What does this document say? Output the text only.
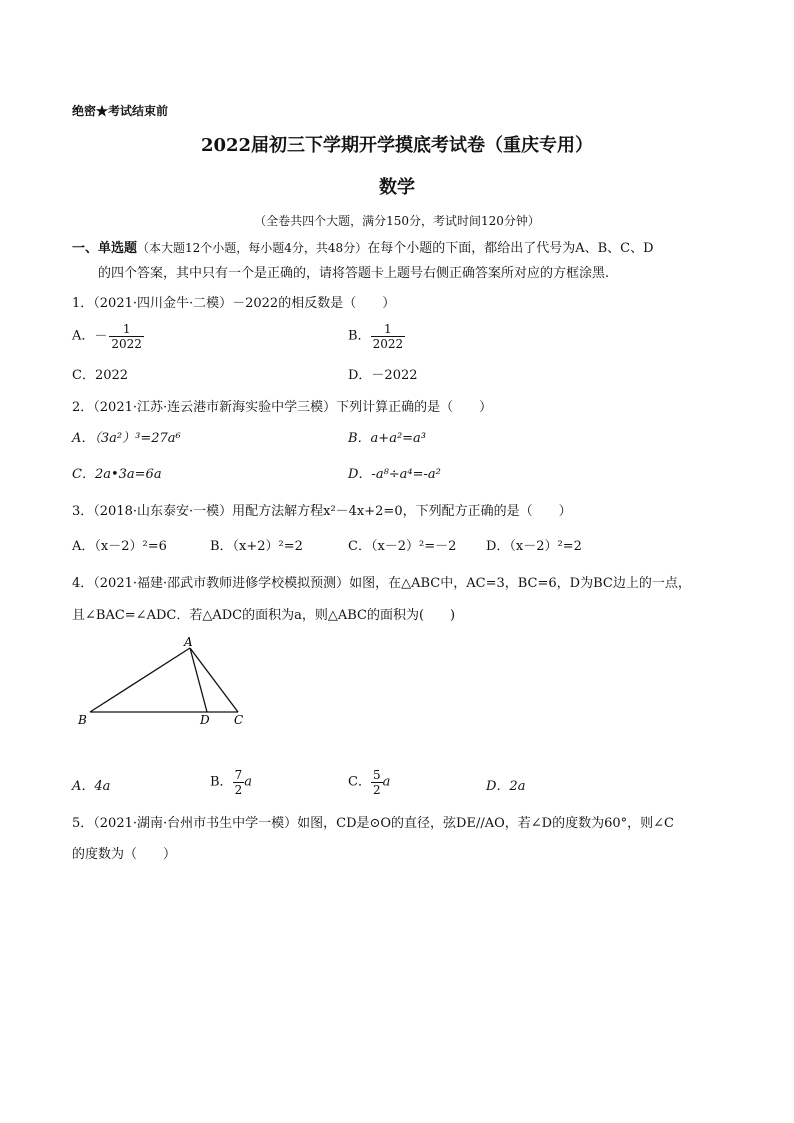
绝密★考试结束前
2022届初三下学期开学摸底考试卷（重庆专用）
数学
（全卷共四个大题，满分150分，考试时间120分钟）
一、单选题（本大题12个小题，每小题4分，共48分）在每个小题的下面，都给出了代号为A、B、C、D
的四个答案，其中只有一个是正确的，请将答题卡上题号右侧正确答案所对应的方框涂黑.
1．（2021·四川金牛·二模）－2022的相反数是（　　）
A．－ $\frac{1}{2022}$	B． $\frac{1}{2022}$
C．2022	D．－2022
2．（2021·江苏·连云港市新海实验中学三模）下列计算正确的是（　　）
A．（3a²）³=27a⁶	B．a+a²=a³
C．2a•3a=6a	D．-a⁸÷a⁴=-a²
3．（2018·山东泰安·一模）用配方法解方程x²－4x+2=0，下列配方正确的是（　　）
A．（x－2）²=6	B．（x+2）²=2	C．（x－2）²=－2 D．（x－2）²=2
4．（2021·福建·邵武市教师进修学校模拟预测）如图，在△ABC中，AC=3，BC=6，D为BC边上的一点，
且∠BAC=∠ADC．若△ADC的面积为a，则△ABC的面积为(　　)
A
B	D C
A．4a	B． $\frac{7}{2}$ a	C． $\frac{5}{2}$ a	D．2a
5．（2021·湖南·台州市书生中学一模）如图，CD是⊙O的直径，弦DE//AO，若∠D的度数为60°，则∠C
的度数为（　　）
